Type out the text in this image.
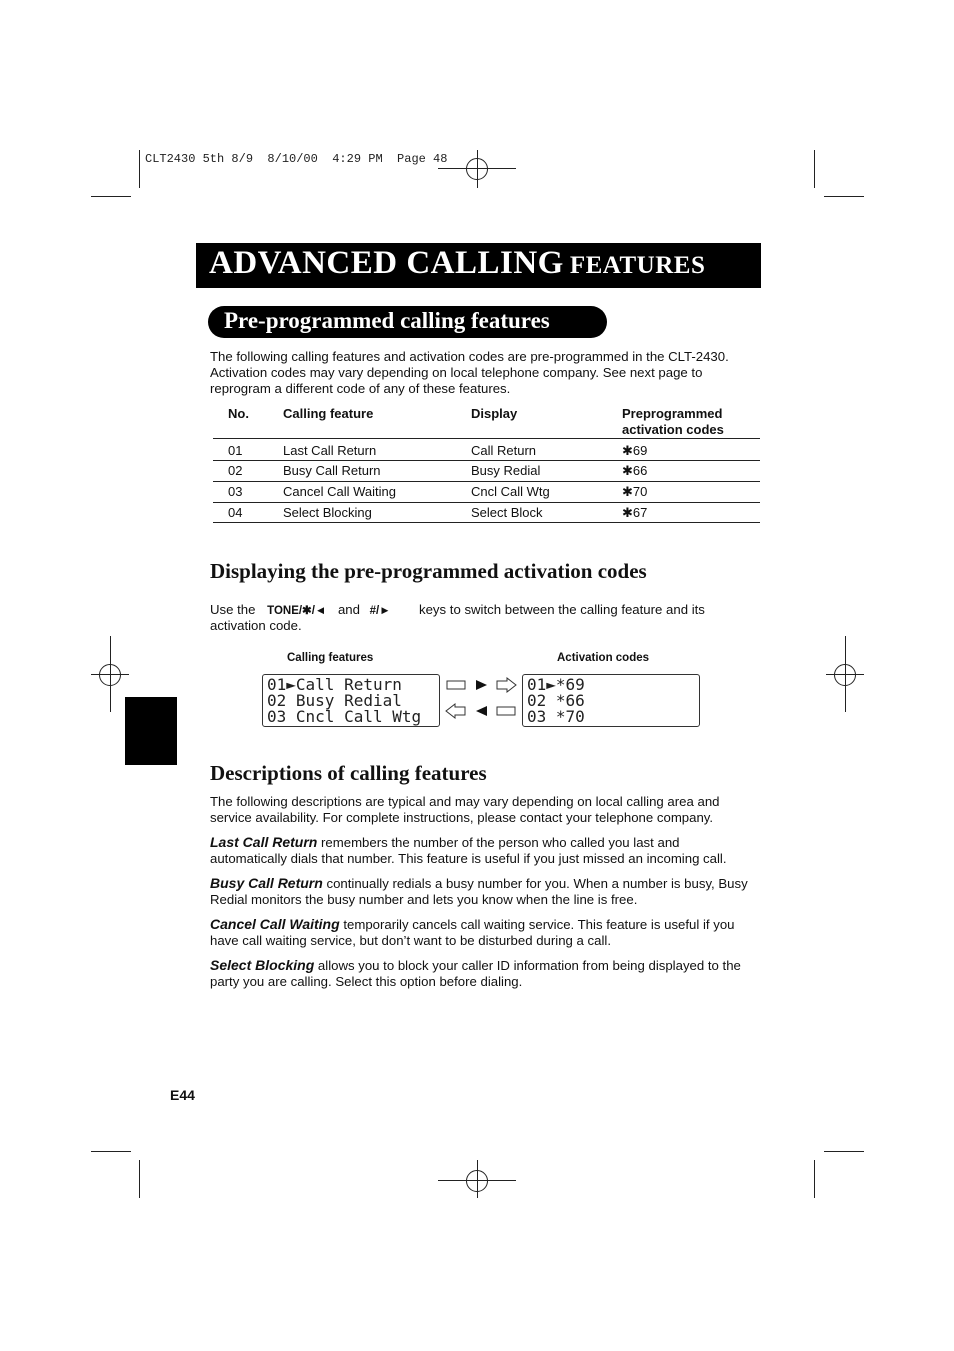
CLT2430 5th 8/9  8/10/00  4:29 PM  Page 48
ADVANCED CALLING FEATURES
Pre-programmed calling features
The following calling features and activation codes are pre-programmed in the CLT-2430. Activation codes may vary depending on local telephone company. See next page to reprogram a different code of any of these features.
No.	Calling feature	Display	Preprogrammed activation codes
01	Last Call Return	Call Return	✱69
02	Busy Call Return	Busy Redial	✱66
03	Cancel Call Waiting	Cncl Call Wtg	✱70
04	Select Blocking	Select Block	✱67
Displaying the pre-programmed activation codes
Use the TONE/✱/◄ and #/► keys to switch between the calling feature and its
activation code.
Calling features	Activation codes
01►Call Return
02 Busy Redial
03 Cncl Call Wtg
01►*69
02 *66
03 *70
Descriptions of calling features
The following descriptions are typical and may vary depending on local calling area and service availability. For complete instructions, please contact your telephone company.
Last Call Return remembers the number of the person who called you last and automatically dials that number. This feature is useful if you just missed an incoming call.
Busy Call Return continually redials a busy number for you. When a number is busy, Busy Redial monitors the busy number and lets you know when the line is free.
Cancel Call Waiting temporarily cancels call waiting service. This feature is useful if you have call waiting service, but don’t want to be disturbed during a call.
Select Blocking allows you to block your caller ID information from being displayed to the party you are calling. Select this option before dialing.
E44
